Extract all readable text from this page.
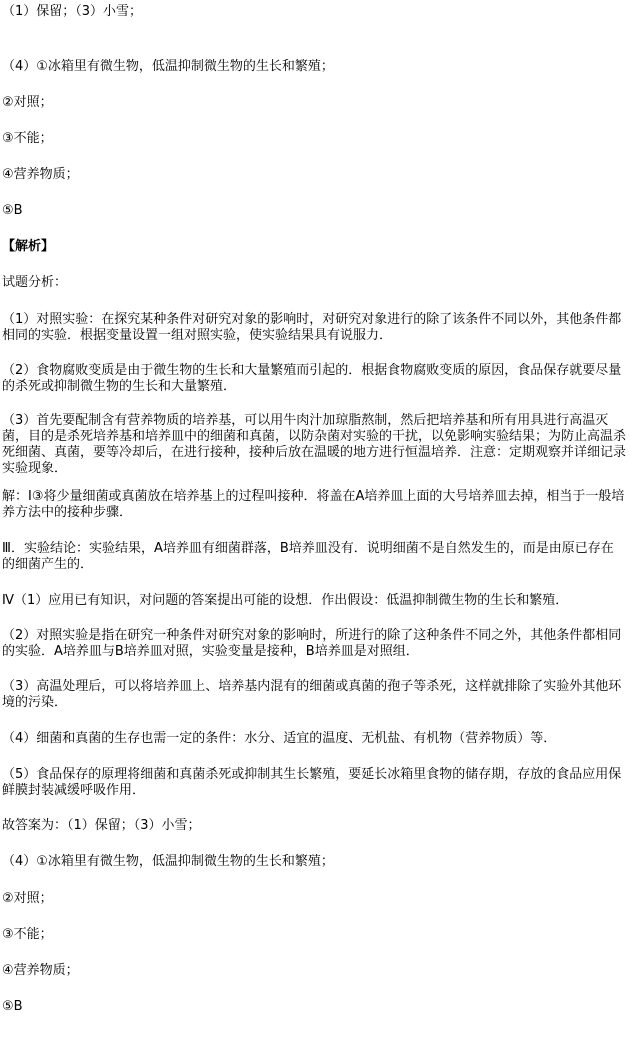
（1）保留；（3）小雪；

（4）①冰箱里有微生物，低温抑制微生物的生长和繁殖；

②对照；

③不能；

④营养物质；

⑤B

【解析】

试题分析：

（1）对照实验：在探究某种条件对研究对象的影响时，对研究对象进行的除了该条件不同以外，其他条件都相同的实验．根据变量设置一组对照实验，使实验结果具有说服力．

（2）食物腐败变质是由于微生物的生长和大量繁殖而引起的．根据食物腐败变质的原因，食品保存就要尽量的杀死或抑制微生物的生长和大量繁殖．

（3）首先要配制含有营养物质的培养基，可以用牛肉汁加琼脂熬制，然后把培养基和所有用具进行高温灭菌，目的是杀死培养基和培养皿中的细菌和真菌，以防杂菌对实验的干扰，以免影响实验结果；为防止高温杀死细菌、真菌，要等冷却后，在进行接种，接种后放在温暖的地方进行恒温培养．注意：定期观察并详细记录实验现象．

解：Ⅰ③将少量细菌或真菌放在培养基上的过程叫接种．将盖在A培养皿上面的大号培养皿去掉，相当于一般培养方法中的接种步骤．

Ⅲ．实验结论：实验结果，A培养皿有细菌群落，B培养皿没有．说明细菌不是自然发生的，而是由原已存在的细菌产生的．

Ⅳ（1）应用已有知识，对问题的答案提出可能的设想．作出假设：低温抑制微生物的生长和繁殖．

（2）对照实验是指在研究一种条件对研究对象的影响时，所进行的除了这种条件不同之外，其他条件都相同的实验．A培养皿与B培养皿对照，实验变量是接种，B培养皿是对照组．

（3）高温处理后，可以将培养皿上、培养基内混有的细菌或真菌的孢子等杀死，这样就排除了实验外其他环境的污染．

（4）细菌和真菌的生存也需一定的条件：水分、适宜的温度、无机盐、有机物（营养物质）等．

（5）食品保存的原理将细菌和真菌杀死或抑制其生长繁殖，要延长冰箱里食物的储存期，存放的食品应用保鲜膜封装减缓呼吸作用．

故答案为：（1）保留；（3）小雪；

（4）①冰箱里有微生物，低温抑制微生物的生长和繁殖；

②对照；

③不能；

④营养物质；

⑤B
